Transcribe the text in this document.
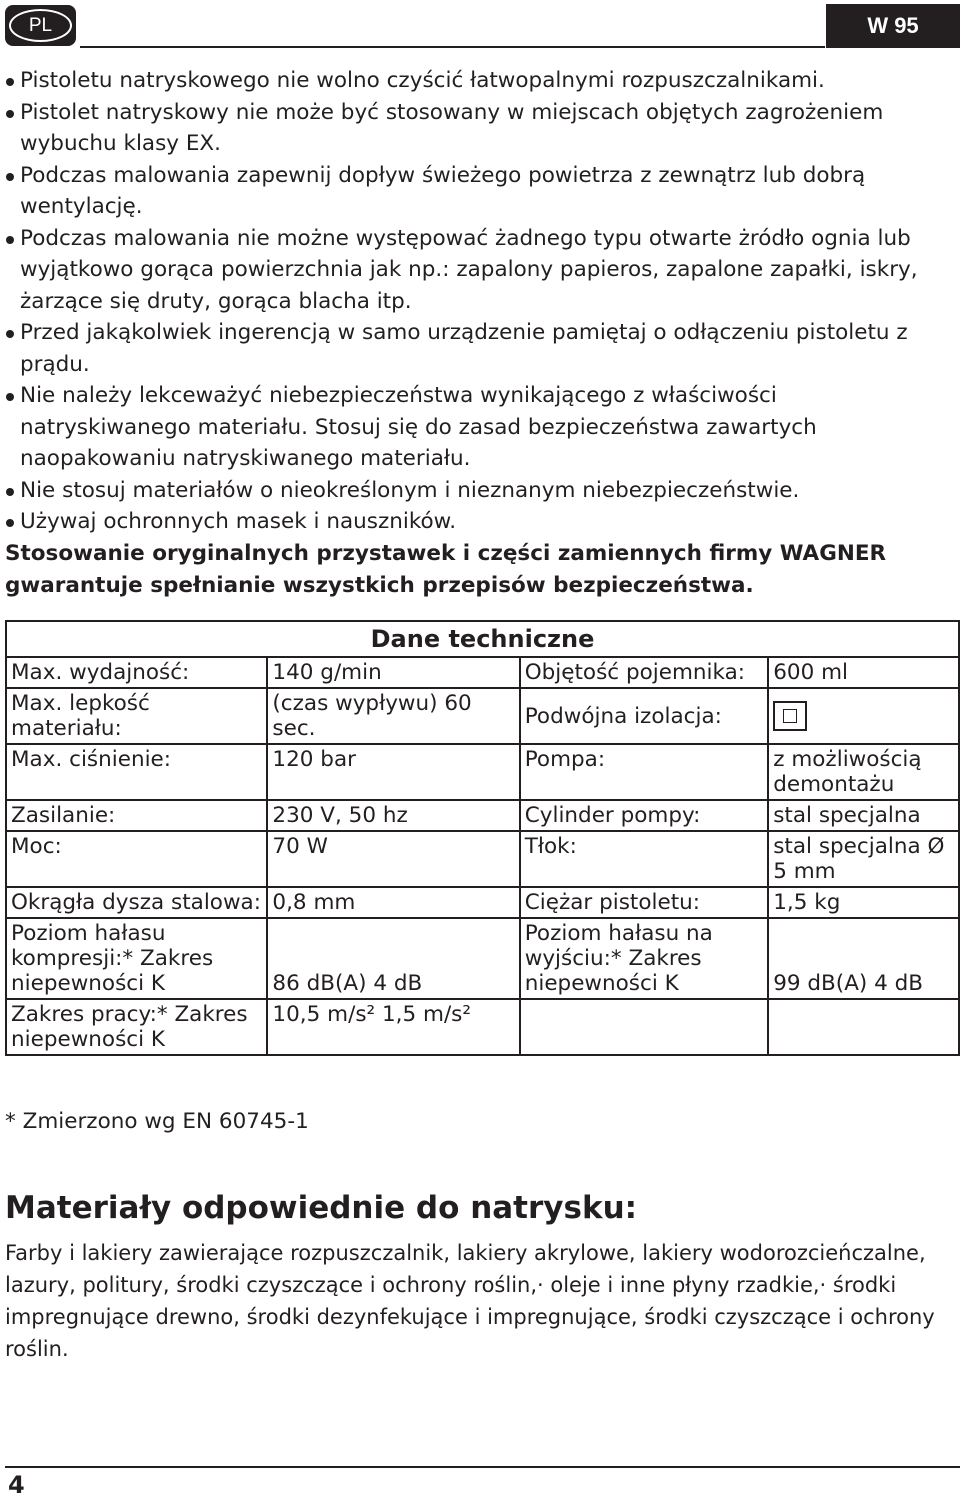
PL	W 95
Pistoletu natryskowego nie wolno czyścić łatwopalnymi rozpuszczalnikami.
Pistolet natryskowy nie może być stosowany w miejscach objętych zagrożeniem wybuchu klasy EX.
Podczas malowania zapewnij dopływ świeżego powietrza z zewnątrz lub dobrą wentylację.
Podczas malowania nie możne występować żadnego typu otwarte żródło ognia lub wyjątkowo gorąca powierzchnia jak np.: zapalony papieros, zapalone zapałki, iskry, żarzące się druty, gorąca blacha itp.
Przed jakąkolwiek ingerencją w samo urządzenie pamiętaj o odłączeniu pistoletu z prądu.
Nie należy lekceważyć niebezpieczeństwa wynikającego z właściwości natryskiwanego materiału. Stosuj się do zasad bezpieczeństwa zawartych naopakowaniu natryskiwanego materiału.
Nie stosuj materiałów o nieokreślonym i nieznanym niebezpieczeństwie.
Używaj ochronnych masek i nauszników.
Stosowanie oryginalnych przystawek i części zamiennych firmy WAGNER gwarantuje spełnianie wszystkich przepisów bezpieczeństwa.
Dane techniczne			
Max. wydajność:	140 g/min	Objętość pojemnika:	600 ml
Max. lepkość materiału:	(czas wypływu) 60 sec.	Podwójna izolacja:	

Max. ciśnienie:	120 bar	Pompa:	z możliwością demontażu
Zasilanie:	230 V, 50 hz	Cylinder pompy:	stal specjalna
Moc:	70 W	Tłok:	stal specjalna Ø 5 mm
Okrągła dysza stalowa:	0,8 mm	Ciężar pistoletu:	1,5 kg
Poziom hałasu kompresji:* Zakres niepewności K	86 dB(A) 4 dB	Poziom hałasu na wyjściu:* Zakres niepewności K	99 dB(A) 4 dB
Zakres pracy:* Zakres niepewności K	10,5 m/s² 1,5 m/s²		
* Zmierzono wg EN 60745-1
Materiały odpowiednie do natrysku:
Farby i lakiery zawierające rozpuszczalnik, lakiery akrylowe, lakiery wodorozcieńczalne, lazury, politury, środki czyszczące i ochrony roślin,· oleje i inne płyny rzadkie,· środki impregnujące drewno, środki dezynfekujące i impregnujące, środki czyszczące i ochrony roślin.
4
